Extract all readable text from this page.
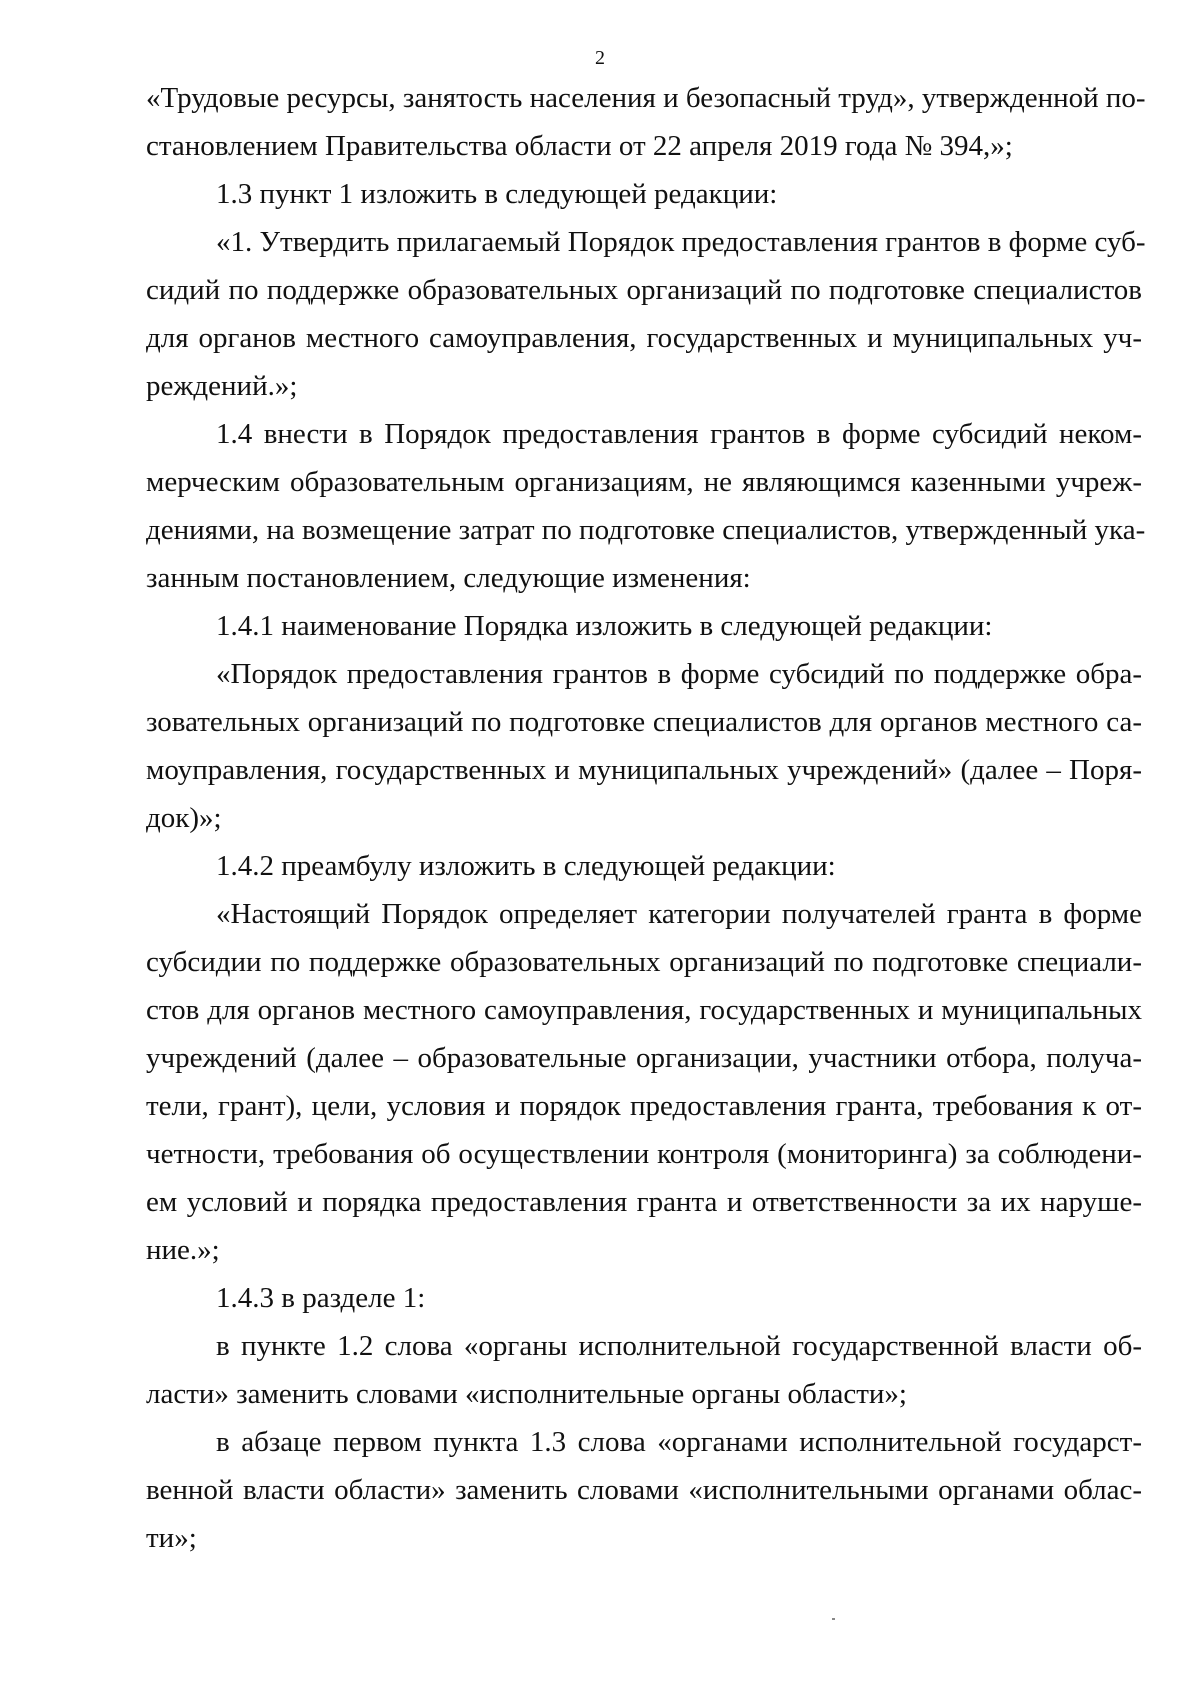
2
«Трудовые ресурсы, занятость населения и безопасный труд», утвержденной по-
становлением Правительства области от 22 апреля 2019 года № 394,»;
1.3 пункт 1 изложить в следующей редакции:
«1. Утвердить прилагаемый Порядок предоставления грантов в форме суб-
сидий по поддержке образовательных организаций по подготовке специалистов
для органов местного самоуправления, государственных и муниципальных уч-
реждений.»;
1.4 внести в Порядок предоставления грантов в форме субсидий неком-
мерческим образовательным организациям, не являющимся казенными учреж-
дениями, на возмещение затрат по подготовке специалистов, утвержденный ука-
занным постановлением, следующие изменения:
1.4.1 наименование Порядка изложить в следующей редакции:
«Порядок предоставления грантов в форме субсидий по поддержке обра-
зовательных организаций по подготовке специалистов для органов местного са-
моуправления, государственных и муниципальных учреждений» (далее – Поря-
док)»;
1.4.2 преамбулу изложить в следующей редакции:
«Настоящий Порядок определяет категории получателей гранта в форме
субсидии по поддержке образовательных организаций по подготовке специали-
стов для органов местного самоуправления, государственных и муниципальных
учреждений (далее – образовательные организации, участники отбора, получа-
тели, грант), цели, условия и порядок предоставления гранта, требования к от-
четности, требования об осуществлении контроля (мониторинга) за соблюдени-
ем условий и порядка предоставления гранта и ответственности за их наруше-
ние.»;
1.4.3 в разделе 1:
в пункте 1.2 слова «органы исполнительной государственной власти об-
ласти» заменить словами «исполнительные органы области»;
в абзаце первом пункта 1.3 слова «органами исполнительной государст-
венной власти области» заменить словами «исполнительными органами облас-
ти»;
